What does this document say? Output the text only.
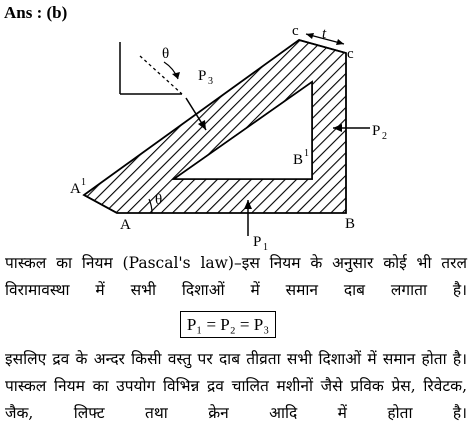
Ans : (b)
c
c
t
θ
θ
P 3
P 2
P 1
A 1
A
B 1
B
पास्कल का नियम (Pascal's law)–इस नियम के अनुसार कोई भी तरल विरामावस्था में सभी दिशाओं में समान दाब लगाता है।
P₁ = P₂ = P₃
इसलिए द्रव के अन्दर किसी वस्तु पर दाब तीव्रता सभी दिशाओं में समान होता है। पास्कल नियम का उपयोग विभिन्न द्रव चालित मशीनों जैसे प्रविक प्रेस, रिवेटक, जैक, लिफ्ट तथा क्रेन आदि में होता है।
